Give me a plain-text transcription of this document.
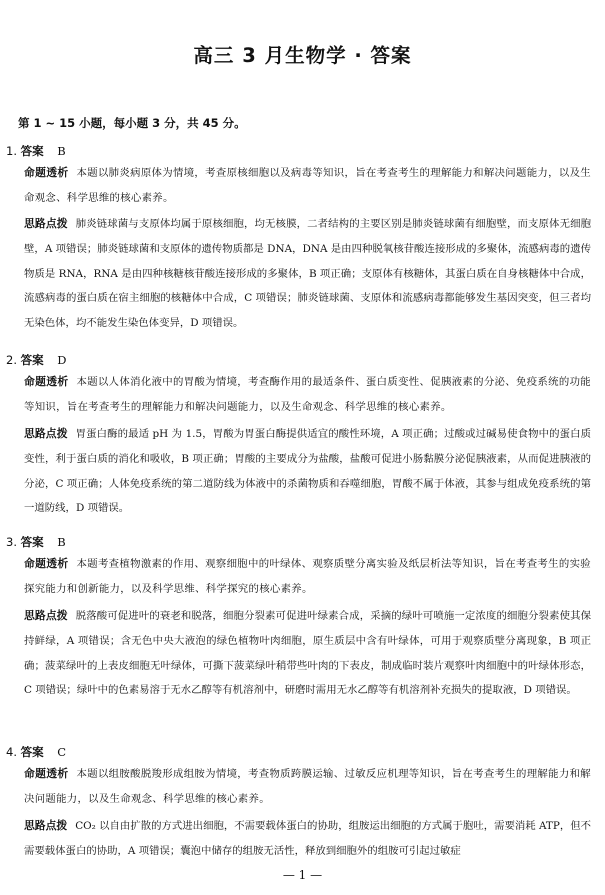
高三 3 月生物学 · 答案
第 1 ~ 15 小题，每小题 3 分，共 45 分。
1. 答案 B
命题透析 本题以肺炎病原体为情境，考查原核细胞以及病毒等知识，旨在考查考生的理解能力和解决问题能力，以及生命观念、科学思维的核心素养。
思路点拨 肺炎链球菌与支原体均属于原核细胞，均无核膜，二者结构的主要区别是肺炎链球菌有细胞壁，而支原体无细胞壁，A 项错误；肺炎链球菌和支原体的遗传物质都是 DNA，DNA 是由四种脱氧核苷酸连接形成的多聚体，流感病毒的遗传物质是 RNA，RNA 是由四种核糖核苷酸连接形成的多聚体，B 项正确；支原体有核糖体，其蛋白质在自身核糖体中合成，流感病毒的蛋白质在宿主细胞的核糖体中合成，C 项错误；肺炎链球菌、支原体和流感病毒都能够发生基因突变，但三者均无染色体，均不能发生染色体变异，D 项错误。
2. 答案 D
命题透析 本题以人体消化液中的胃酸为情境，考查酶作用的最适条件、蛋白质变性、促胰液素的分泌、免疫系统的功能等知识，旨在考查考生的理解能力和解决问题能力，以及生命观念、科学思维的核心素养。
思路点拨 胃蛋白酶的最适 pH 为 1.5，胃酸为胃蛋白酶提供适宜的酸性环境，A 项正确；过酸或过碱易使食物中的蛋白质变性，利于蛋白质的消化和吸收，B 项正确；胃酸的主要成分为盐酸，盐酸可促进小肠黏膜分泌促胰液素，从而促进胰液的分泌，C 项正确；人体免疫系统的第二道防线为体液中的杀菌物质和吞噬细胞，胃酸不属于体液，其参与组成免疫系统的第一道防线，D 项错误。
3. 答案 B
命题透析 本题考查植物激素的作用、观察细胞中的叶绿体、观察质壁分离实验及纸层析法等知识，旨在考查考生的实验探究能力和创新能力，以及科学思维、科学探究的核心素养。
思路点拨 脱落酸可促进叶的衰老和脱落，细胞分裂素可促进叶绿素合成，采摘的绿叶可喷施一定浓度的细胞分裂素使其保持鲜绿，A 项错误；含无色中央大液泡的绿色植物叶肉细胞，原生质层中含有叶绿体，可用于观察质壁分离现象，B 项正确；菠菜绿叶的上表皮细胞无叶绿体，可撕下菠菜绿叶稍带些叶肉的下表皮，制成临时装片观察叶肉细胞中的叶绿体形态，C 项错误；绿叶中的色素易溶于无水乙醇等有机溶剂中，研磨时需用无水乙醇等有机溶剂补充损失的提取液，D 项错误。
4. 答案 C
命题透析 本题以组胺酸脱羧形成组胺为情境，考查物质跨膜运输、过敏反应机理等知识，旨在考查考生的理解能力和解决问题能力，以及生命观念、科学思维的核心素养。
思路点拨 CO₂ 以自由扩散的方式进出细胞，不需要载体蛋白的协助，组胺运出细胞的方式属于胞吐，需要消耗 ATP，但不需要载体蛋白的协助，A 项错误；囊泡中储存的组胺无活性，释放到细胞外的组胺可引起过敏症
— 1 —
